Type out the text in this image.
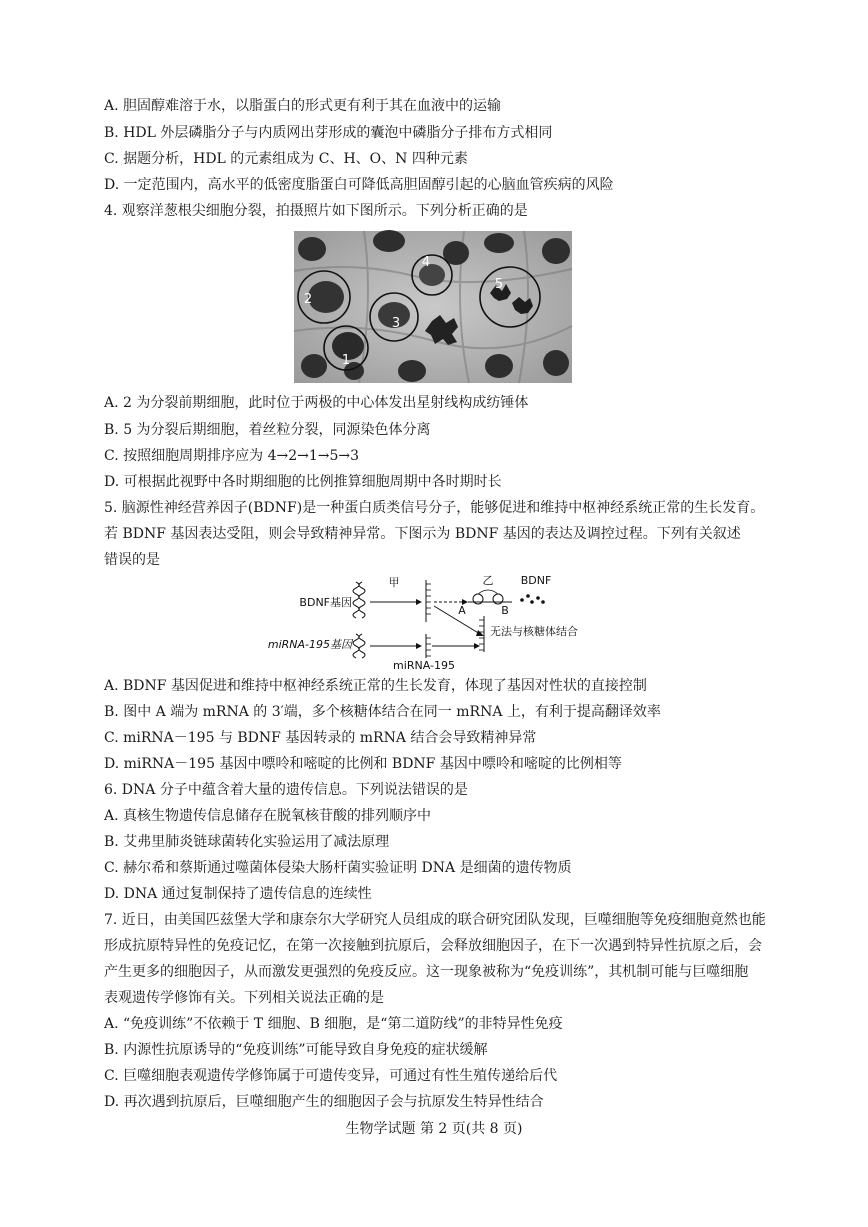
A. 胆固醇难溶于水，以脂蛋白的形式更有利于其在血液中的运输
B. HDL 外层磷脂分子与内质网出芽形成的囊泡中磷脂分子排布方式相同
C. 据题分析，HDL 的元素组成为 C、H、O、N 四种元素
D. 一定范围内，高水平的低密度脂蛋白可降低高胆固醇引起的心脑血管疾病的风险
4. 观察洋葱根尖细胞分裂，拍摄照片如下图所示。下列分析正确的是
1
2
3
4
5
A. 2 为分裂前期细胞，此时位于两极的中心体发出星射线构成纺锤体
B. 5 为分裂后期细胞，着丝粒分裂，同源染色体分离
C. 按照细胞周期排序应为 4→2→1→5→3
D. 可根据此视野中各时期细胞的比例推算细胞周期中各时期时长
5. 脑源性神经营养因子(BDNF)是一种蛋白质类信号分子，能够促进和维持中枢神经系统正常的生长发育。
若 BDNF 基因表达受阻，则会导致精神异常。下图示为 BDNF 基因的表达及调控过程。下列有关叙述
错误的是
BDNF基因
甲	乙
A	B
BDNF
无法与核糖体结合
miRNA-195基因
miRNA-195
A. BDNF 基因促进和维持中枢神经系统正常的生长发育，体现了基因对性状的直接控制
B. 图中 A 端为 mRNA 的 3′端，多个核糖体结合在同一 mRNA 上，有利于提高翻译效率
C. miRNA－195 与 BDNF 基因转录的 mRNA 结合会导致精神异常
D. miRNA－195 基因中嘌呤和嘧啶的比例和 BDNF 基因中嘌呤和嘧啶的比例相等
6. DNA 分子中蕴含着大量的遗传信息。下列说法错误的是
A. 真核生物遗传信息储存在脱氧核苷酸的排列顺序中
B. 艾弗里肺炎链球菌转化实验运用了减法原理
C. 赫尔希和蔡斯通过噬菌体侵染大肠杆菌实验证明 DNA 是细菌的遗传物质
D. DNA 通过复制保持了遗传信息的连续性
7. 近日，由美国匹兹堡大学和康奈尔大学研究人员组成的联合研究团队发现，巨噬细胞等免疫细胞竟然也能
形成抗原特异性的免疫记忆，在第一次接触到抗原后，会释放细胞因子，在下一次遇到特异性抗原之后，会
产生更多的细胞因子，从而激发更强烈的免疫反应。这一现象被称为“免疫训练”，其机制可能与巨噬细胞
表观遗传学修饰有关。下列相关说法正确的是
A. “免疫训练”不依赖于 T 细胞、B 细胞，是“第二道防线”的非特异性免疫
B. 内源性抗原诱导的“免疫训练”可能导致自身免疫的症状缓解
C. 巨噬细胞表观遗传学修饰属于可遗传变异，可通过有性生殖传递给后代
D. 再次遇到抗原后，巨噬细胞产生的细胞因子会与抗原发生特异性结合
生物学试题 第 2 页(共 8 页)
